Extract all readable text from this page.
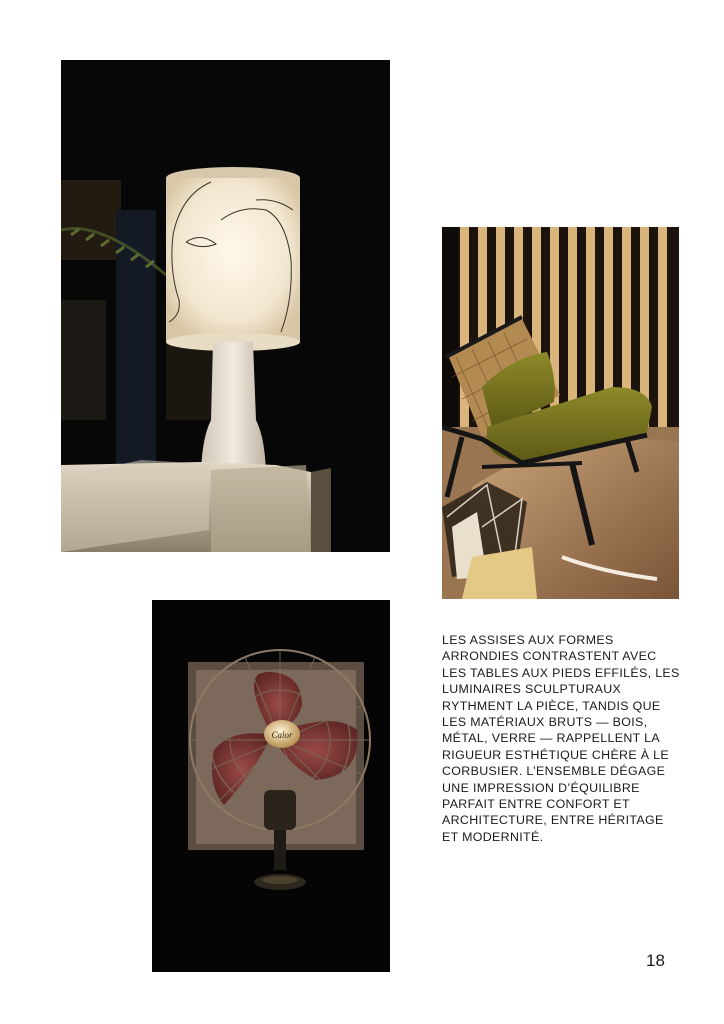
Calor

LES ASSISES AUX FORMES ARRONDIES CONTRASTENT AVEC LES TABLES AUX PIEDS EFFILÉS, LES LUMINAIRES SCULPTURAUX RYTHMENT LA PIÈCE, TANDIS QUE LES MATÉRIAUX BRUTS — BOIS, MÉTAL, VERRE — RAPPELLENT LA RIGUEUR ESTHÉTIQUE CHÈRE À LE CORBUSIER. L’ENSEMBLE DÉGAGE UNE IMPRESSION D’ÉQUILIBRE PARFAIT ENTRE CONFORT ET ARCHITECTURE, ENTRE HÉRITAGE ET MODERNITÉ.

18
